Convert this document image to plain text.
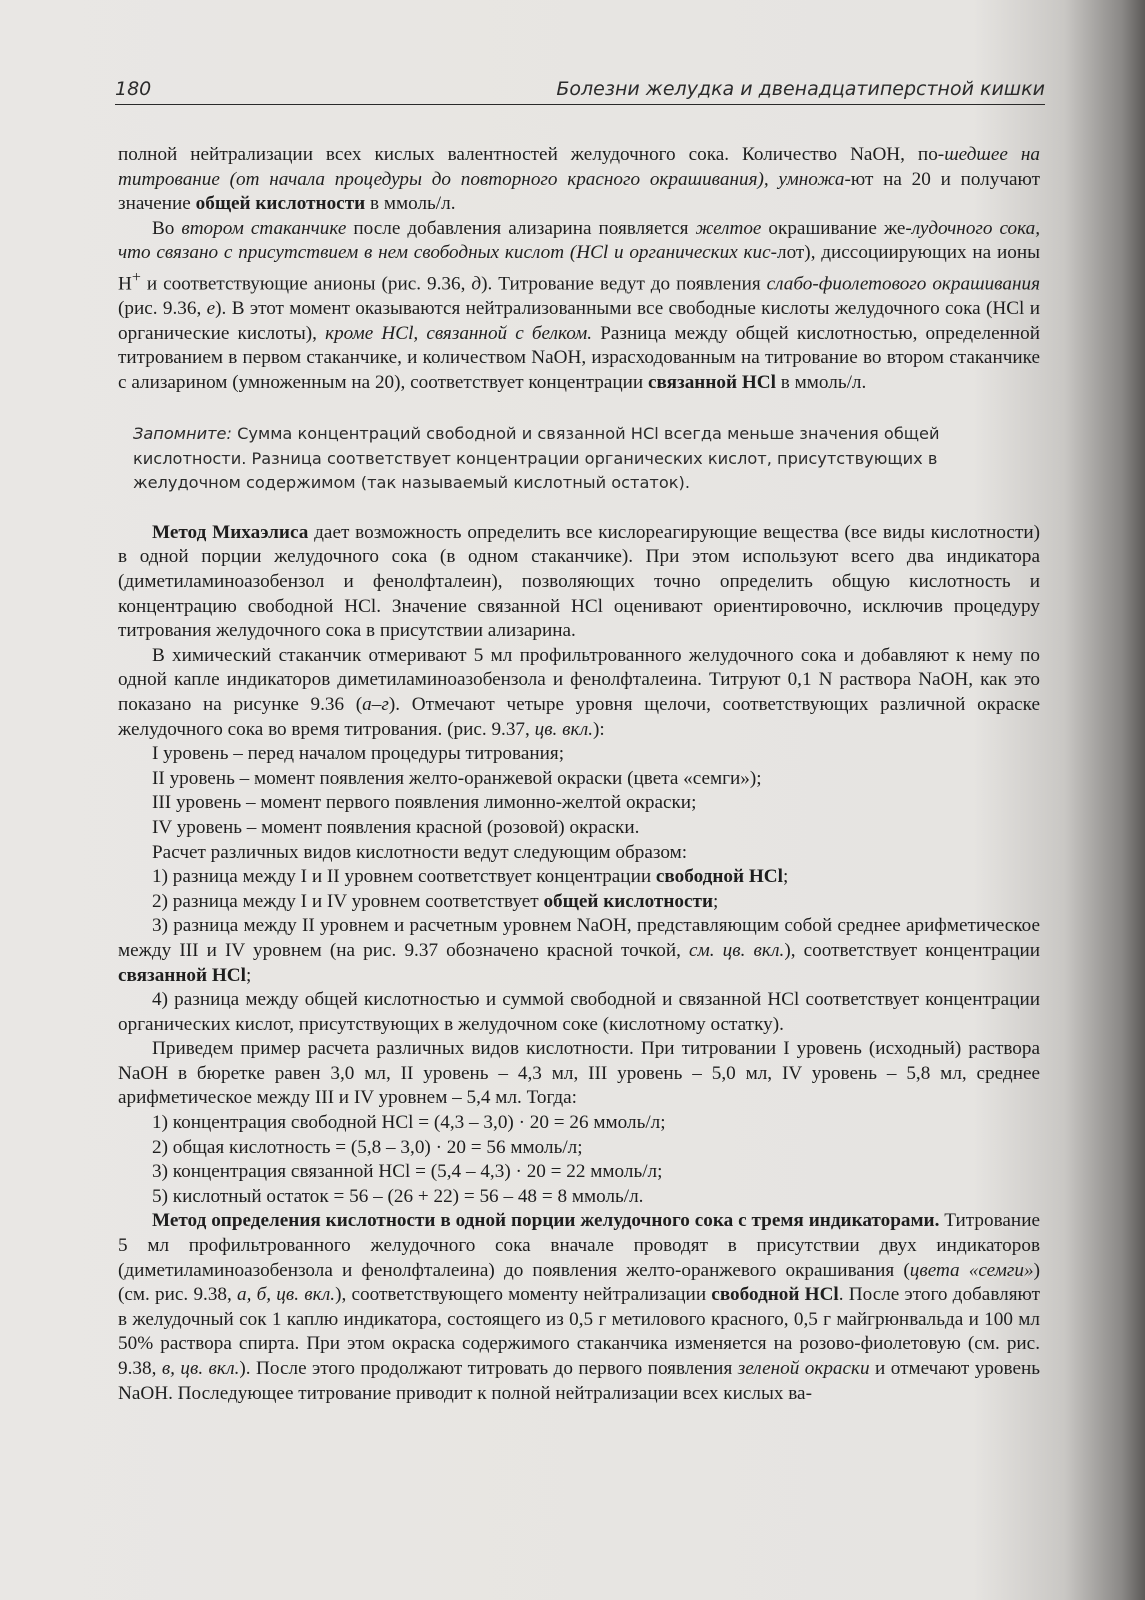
180	Болезни желудка и двенадцатиперстной кишки

полной нейтрализации всех кислых валентностей желудочного сока. Количество NaOH, по-шедшее на титрование (от начала процедуры до повторного красного окрашивания), умножа-ют на 20 и получают значение общей кислотности в ммоль/л.

Во втором стаканчике после добавления ализарина появляется желтое окрашивание же-лудочного сока, что связано с присутствием в нем свободных кислот (HCl и органических кис-лот), диссоциирующих на ионы H+ и соответствующие анионы (рис. 9.36, д). Титрование ведут до появления слабо-фиолетового окрашивания (рис. 9.36, е). В этот момент оказываются нейтрализованными все свободные кислоты желудочного сока (HCl и органические кислоты), кроме HCl, связанной с белком. Разница между общей кислотностью, определенной титрованием в первом стаканчике, и количеством NaOH, израсходованным на титрование во втором стаканчике с ализарином (умноженным на 20), соответствует концентрации связанной HCl в ммоль/л.

Запомните: Сумма концентраций свободной и связанной HCl всегда меньше значения общей кислотности. Разница соответствует концентрации органических кислот, присутствующих в желудочном содержимом (так называемый кислотный остаток).

Метод Михаэлиса дает возможность определить все кислореагирующие вещества (все виды кислотности) в одной порции желудочного сока (в одном стаканчике). При этом используют всего два индикатора (диметиламиноазобензол и фенолфталеин), позволяющих точно определить общую кислотность и концентрацию свободной HCl. Значение связанной HCl оценивают ориентировочно, исключив процедуру титрования желудочного сока в присутствии ализарина.

В химический стаканчик отмеривают 5 мл профильтрованного желудочного сока и добавляют к нему по одной капле индикаторов диметиламиноазобензола и фенолфталеина. Титруют 0,1 N раствора NaOH, как это показано на рисунке 9.36 (а–г). Отмечают четыре уровня щелочи, соответствующих различной окраске желудочного сока во время титрования. (рис. 9.37, цв. вкл.):

I уровень – перед началом процедуры титрования;

II уровень – момент появления желто-оранжевой окраски (цвета «семги»);

III уровень – момент первого появления лимонно-желтой окраски;

IV уровень – момент появления красной (розовой) окраски.

Расчет различных видов кислотности ведут следующим образом:

1) разница между I и II уровнем соответствует концентрации свободной HCl;

2) разница между I и IV уровнем соответствует общей кислотности;

3) разница между II уровнем и расчетным уровнем NaOH, представляющим собой среднее арифметическое между III и IV уровнем (на рис. 9.37 обозначено красной точкой, см. цв. вкл.), соответствует концентрации связанной HCl;

4) разница между общей кислотностью и суммой свободной и связанной HCl соответствует концентрации органических кислот, присутствующих в желудочном соке (кислотному остатку).

Приведем пример расчета различных видов кислотности. При титровании I уровень (исходный) раствора NaOH в бюретке равен 3,0 мл, II уровень – 4,3 мл, III уровень – 5,0 мл, IV уровень – 5,8 мл, среднее арифметическое между III и IV уровнем – 5,4 мл. Тогда:

1) концентрация свободной HCl = (4,3 – 3,0) · 20 = 26 ммоль/л;

2) общая кислотность = (5,8 – 3,0) · 20 = 56 ммоль/л;

3) концентрация связанной HCl = (5,4 – 4,3) · 20 = 22 ммоль/л;

5) кислотный остаток = 56 – (26 + 22) = 56 – 48 = 8 ммоль/л.

Метод определения кислотности в одной порции желудочного сока с тремя индикаторами. Титрование 5 мл профильтрованного желудочного сока вначале проводят в присутствии двух индикаторов (диметиламиноазобензола и фенолфталеина) до появления желто-оранжевого окрашивания (цвета «семги») (см. рис. 9.38, а, б, цв. вкл.), соответствующего моменту нейтрализации свободной HCl. После этого добавляют в желудочный сок 1 каплю индикатора, состоящего из 0,5 г метилового красного, 0,5 г майгрюнвальда и 100 мл 50% раствора спирта. При этом окраска содержимого стаканчика изменяется на розово-фиолетовую (см. рис. 9.38, в, цв. вкл.). После этого продолжают титровать до первого появления зеленой окраски и отмечают уровень NaOH. Последующее титрование приводит к полной нейтрализации всех кислых ва-
